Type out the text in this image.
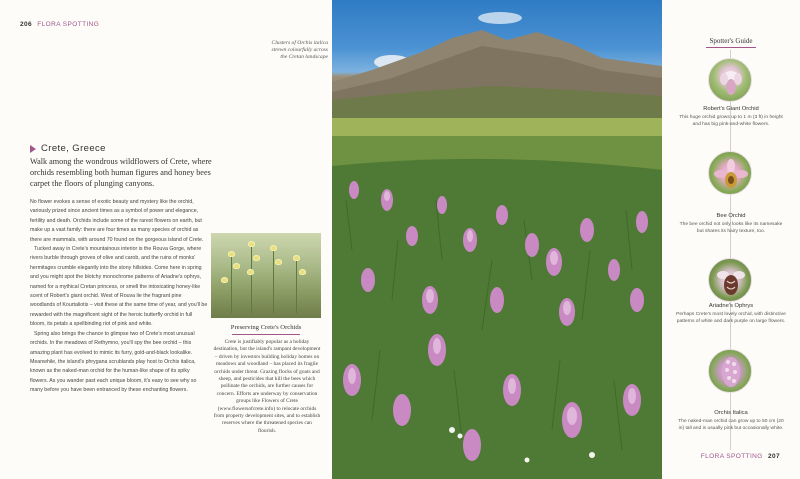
206 FLORA SPOTTING
Clusters of Orchis italica strewn colourfully across the Cretan landscape
Crete, Greece
Walk among the wondrous wildflowers of Crete, where orchids resembling both human figures and honey bees carpet the floors of plunging canyons.

No flower evokes a sense of exotic beauty and mystery like the orchid, variously prized since ancient times as a symbol of power and elegance, fertility and death. Orchids include some of the rarest flowers on earth, but make up a vast family: there are four times as many species of orchid as there are mammals, with around 70 found on the gorgeous island of Crete.

Tucked away in Crete's mountainous interior is the Rouva Gorge, where rivers burble through groves of olive and carob, and the ruins of monks' hermitages crumble elegantly into the stony hillsides. Come here in spring and you might spot the blotchy monochrome patterns of Ariadne's ophrys, named for a mythical Cretan princess, or smell the intoxicating honey-like scent of Robert's giant orchid. West of Rouva lie the fragrant pine woodlands of Kourtaliotis – visit these at the same time of year, and you'll be rewarded with the magnificent sight of the heroic butterfly orchid in full bloom, its petals a spellbinding riot of pink and white.

Spring also brings the chance to glimpse two of Crete's most unusual orchids. In the meadows of Rethymno, you'll spy the bee orchid – this amazing plant has evolved to mimic its furry, gold-and-black lookalike. Meanwhile, the island's phrygana scrublands play host to Orchis italica, known as the naked-man orchid for the human-like shape of its spiky flowers. As you wander past each unique bloom, it's easy to see why so many before you have been entranced by these enchanting flowers.

Preserving Crete's Orchids
Crete is justifiably popular as a holiday destination, but the island's rampant development – driven by investors building holiday homes on meadows and woodland – has placed its fragile orchids under threat. Grazing flocks of goats and sheep, and pesticides that kill the bees which pollinate the orchids, are further causes for concern. Efforts are underway by conservation groups like Flowers of Crete (www.flowersofcrete.info) to relocate orchids from property development sites, and to establish reserves where the threatened species can flourish.
Spotter's Guide
Robert's Giant Orchid
This huge orchid grows up to 1 m (3 ft) in height and has big pink-and-white flowers.
Bee Orchid
The bee orchid not only looks like its namesake but shares its hairy texture, too.
Ariadne's Ophrys
Perhaps Crete's most lovely orchid, with distinctive patterns of white and dark purple on large flowers.
Orchis Italica
The naked-man orchid can grow up to 50 cm (20 in) tall and is usually pink but occasionally white.
FLORA SPOTTING 207
